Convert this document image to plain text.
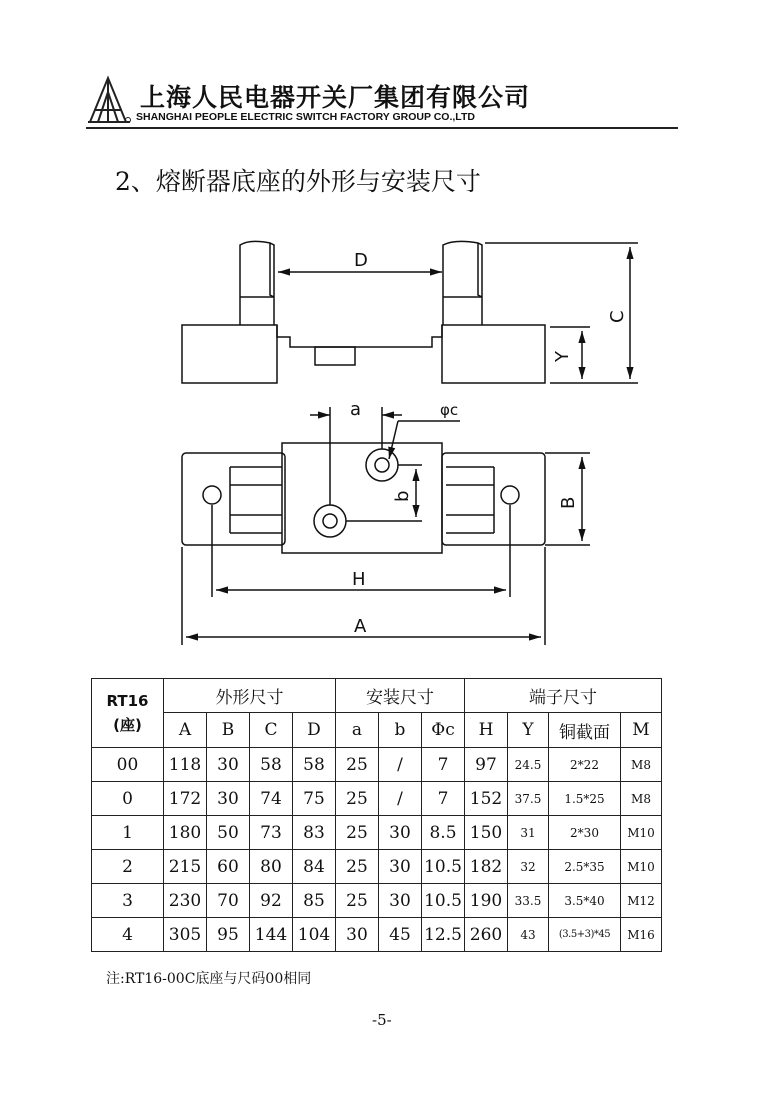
上海人民电器开关厂集团有限公司
SHANGHAI PEOPLE ELECTRIC SWITCH FACTORY GROUP CO.,LTD
2、熔断器底座的外形与安装尺寸
D
C
Y
a	φc
b
B
H
A
RT16
(座)	外形尺寸				安装尺寸			端子尺寸			
	A	B	C	D	a	b	Φc	H	Y	铜截面	M
00	118	30	58	58	25	/	7	97	24.5	2*22	M8
0	172	30	74	75	25	/	7	152	37.5	1.5*25	M8
1	180	50	73	83	25	30	8.5	150	31	2*30	M10
2	215	60	80	84	25	30	10.5	182	32	2.5*35	M10
3	230	70	92	85	25	30	10.5	190	33.5	3.5*40	M12
4	305	95	144	104	30	45	12.5	260	43	(3.5+3)*45	M16
注:RT16-00C底座与尺码00相同
-5-
